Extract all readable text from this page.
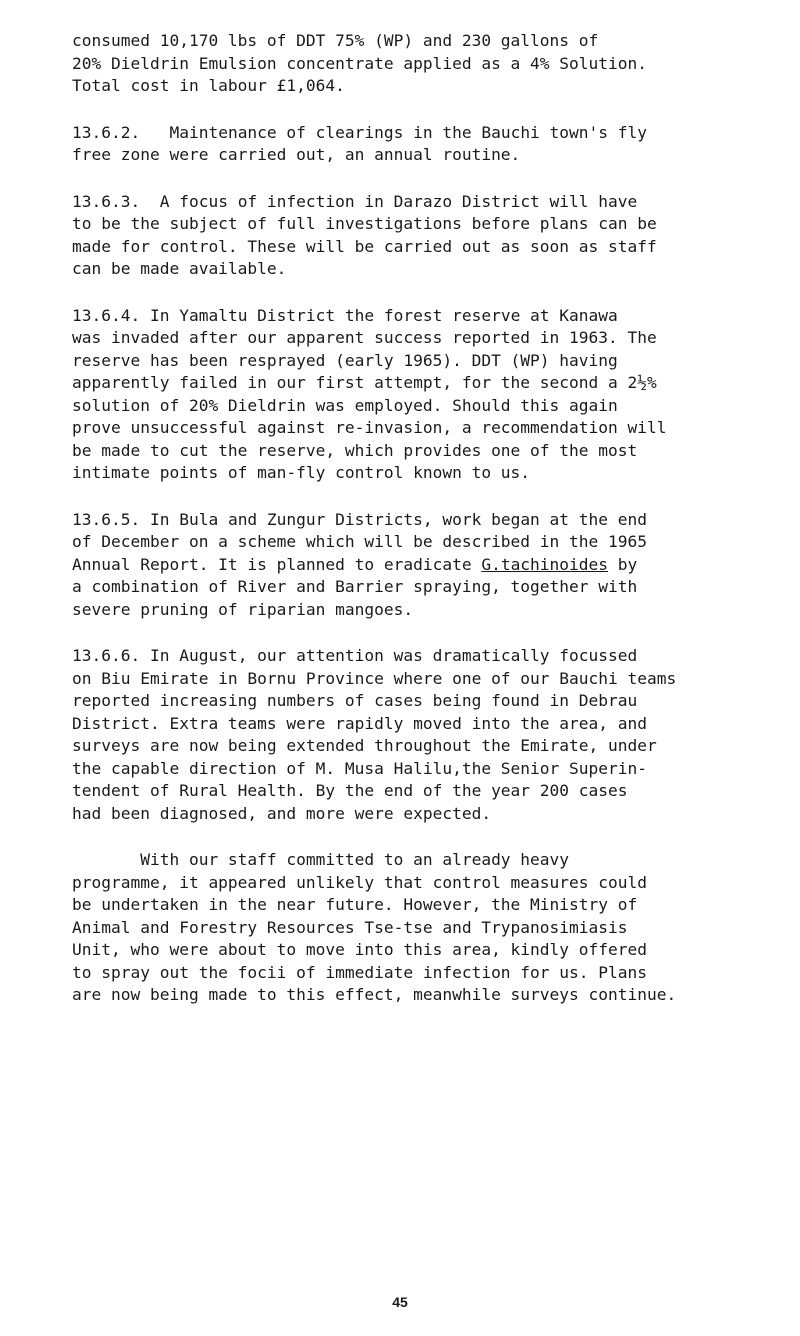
consumed 10,170 lbs of DDT 75% (WP) and 230 gallons of
20% Dieldrin Emulsion concentrate applied as a 4% Solution.
Total cost in labour £1,064.

13.6.2.   Maintenance of clearings in the Bauchi town's fly
free zone were carried out, an annual routine.

13.6.3.  A focus of infection in Darazo District will have
to be the subject of full investigations before plans can be
made for control. These will be carried out as soon as staff
can be made available.

13.6.4. In Yamaltu District the forest reserve at Kanawa
was invaded after our apparent success reported in 1963. The
reserve has been resprayed (early 1965). DDT (WP) having
apparently failed in our first attempt, for the second a 2½%
solution of 20% Dieldrin was employed. Should this again
prove unsuccessful against re-invasion, a recommendation will
be made to cut the reserve, which provides one of the most
intimate points of man-fly control known to us.

13.6.5. In Bula and Zungur Districts, work began at the end
of December on a scheme which will be described in the 1965
Annual Report. It is planned to eradicate G.tachinoides by
a combination of River and Barrier spraying, together with
severe pruning of riparian mangoes.

13.6.6. In August, our attention was dramatically focussed
on Biu Emirate in Bornu Province where one of our Bauchi teams
reported increasing numbers of cases being found in Debrau
District. Extra teams were rapidly moved into the area, and
surveys are now being extended throughout the Emirate, under
the capable direction of M. Musa Halilu,the Senior Superin-
tendent of Rural Health. By the end of the year 200 cases
had been diagnosed, and more were expected.

With our staff committed to an already heavy
programme, it appeared unlikely that control measures could
be undertaken in the near future. However, the Ministry of
Animal and Forestry Resources Tse-tse and Trypanosimiasis
Unit, who were about to move into this area, kindly offered
to spray out the focii of immediate infection for us. Plans
are now being made to this effect, meanwhile surveys continue.

45
